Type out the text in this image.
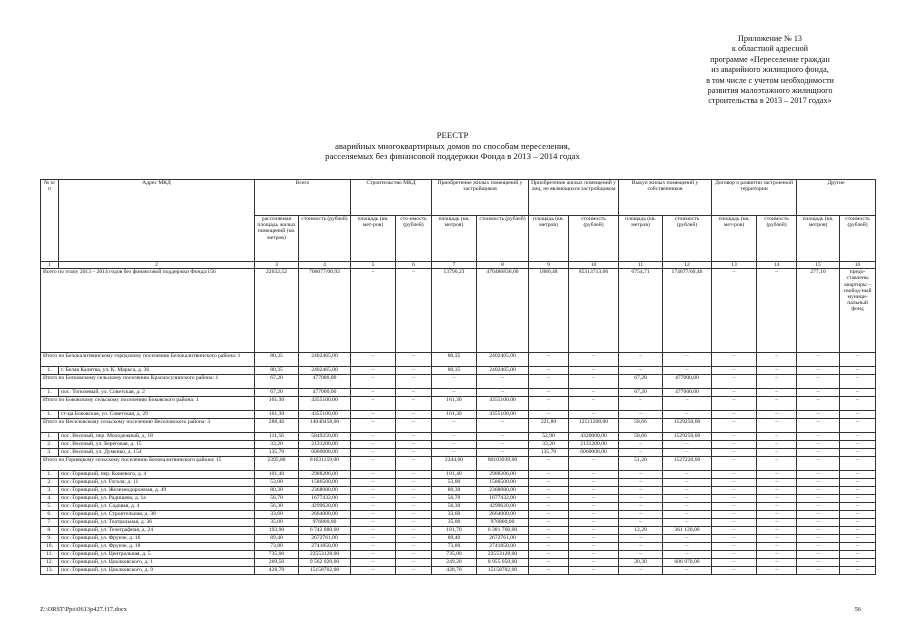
Приложение № 13
к областной адресной
программе «Переселение граждан
из аварийного жилищного фонда,
в том числе с учетом необходимости
развития малоэтажного жилищного
строительства в 2013 – 2017 годах»
РЕЕСТР
аварийных многоквартирных домов по способам переселения,
расселяемых без финансовой поддержки Фонда в 2013 – 2014 годах
№ п/п	Адрес МКД	Всего		Строительство МКД		Приобретение жилых помещений у застройщиков		Приобретение жилых помещений у лиц, не являющихся застройщиком		Выкуп жилых помещений у собственников		Договор о развитии застроенной территории		Другие	
		расселяемая площадь жилых помещений (кв. метров)	стоимость (рублей)	площадь (кв. мет-ров)	сто-имость (рублей)	площадь (кв. метров)	стоимость (рублей)	площадь (кв. метров)	стоимость (рублей)	площадь (кв. метров)	стоимость (рублей)	площадь (кв. мет-ров)	стоимость (рублей)	площадь (кв. метров)	стоимость (рублей)
1	2	3	4	5	6	7	8	9	10	11	12	13	14	15	16
Всего по этапу 2013 – 2014 годов без финансовой поддержки Фонда:156		22632,52	706077/00,92	–	–	13790,23	470486836,00	1880,48	85313713,06	6754,71	174877/60,46	–	–	277,10	предо-ставлены квартиры – свобод-ный муници-пальный фонд
Итого по Белокалитвинскому городскому поселению Белокалитвинского района: 1		80,35	2402465,00	–	–	80,35	2402465,00	–	–	–	–	–	–	–	–
1.	г. Белая Калитва, ул. К. Маркса, д. 36	80,35	2402465,00	–	–	80,35	2402465,00	–	–	–	–	–	–	–	–
Итого по Богковскому сельскому поселению Красносулинского района: 1		67,20	477000,00	–	–	–	–	–	–	67,20	477000,00	–	–	–	–
1.	пос. Тополевый, ул. Советская, д. 2	67,20	477000,00	–	–	–	–	–	–	67,20	477000,00	–	–	–	–
Итого по Боковскому сельскому поселению Боковского района: 1		161,30	4355100,00	–	–	161,30	4355100,00	–	–	–	–	–	–	–	–
1.	ст-ца Боковская, ул. Советская, д. 29	161,30	4355100,00	–	–	161,30	4355100,00	–	–	–	–	–	–	–	–
Итого по Веселовскому сельскому поселению Веселовского района: 3		288,46	14040458,00	–	–	–	–	221,80	12511208,00	58,66	1529250,00	–	–	–	–
1.	пос. Веселый, пер. Молодежный, д. 18	111,56	5849250,00	–	–	–	–	52,90	4320000,00	58,66	1529250,00	–	–	–	–
2.	пос. Веселый, ул. Береговая, д. 15	33,20	2131200,00	–	–	–	–	33,20	2131200,00	–	–	–	–	–	–
3.	пос. Веселый, ул. Думенко, д. 154	135,70	6060008,00	–	–	–	–	135,70	6060008,00	–	–	–	–	–	–
Итого по Горняцкому сельскому поселению Белокалитвинского района: 15		2395,80	81631159,00	–	–	2344,60	80103939,00	–	–	51,20	1527220,00	–	–	–	–
1.	пос. Горняцкий, пер. Кошевого, д. 4	101,40	2988206,00	–	–	101,40	2988206,00	–	–	–	–	–	–	–	–
2.	пос. Горняцкий, ул. Гоголя, д. 11	53,00	1586500,00	–	–	53,00	1586500,00	–	–	–	–	–	–	–	–
3.	пос. Горняцкий, ул. Железнодорожная, д. 49	80,30	2368080,00	–	–	80,30	2368080,00	–	–	–	–	–	–	–	–
4.	пос. Горняцкий, ул. Радищева, д. 1а	56,70	1677432,00	–	–	56,70	1677432,00	–	–	–	–	–	–	–	–
5.	пос. Горняцкий, ул. Садовая, д. 4	56,30	4299620,00	–	–	56,30	4299620,00	–	–	–	–	–	–	–	–
6.	пос. Горняцкий, ул. Строительная, д. 38	33,60	2664000,00	–	–	33,60	2664000,00	–	–	–	–	–	–	–	–
7.	пос. Горняцкий, ул. Театральная, д. 36	35,00	976800,00	–	–	35,00	976800,00	–	–	–	–	–	–	–	–
8.	пос. Горняцкий, ул. Телеграфная, д. 24	193,90	6 742 880,00	–	–	181,70	6 381 760,00	–	–	12,20	361 120,00	–	–	–	–
9.	пос. Горняцкий, ул. Фрунзе, д. 16	89,40	2672761,00	–	–	89,40	2672761,00	–	–	–	–	–	–	–	–
10.	пос. Горняцкий, ул. Фрунзе, д. 18	73,80	2741850,00	–	–	73,80	2741850,00	–	–	–	–	–	–	–	–
11.	пос. Горняцкий, ул. Центральная, д. 5	735,00	22553128,00	–	–	735,00	22553128,00	–	–	–	–	–	–	–	–
12.	пос. Горняцкий, ул. Циолковского, д. 1	269,50	9 562 020,00	–	–	249,20	8 955 050,00	–	–	20,30	606 970,00	–	–	–	–
13.	пос. Горняцкий, ул. Циолковского, д. 9	428,70	15158702,00	–	–	428,70	15158702,00	–	–	–	–	–	–	–	–
Z:\ORST\Ppo\0613p427.f17.docx	56
